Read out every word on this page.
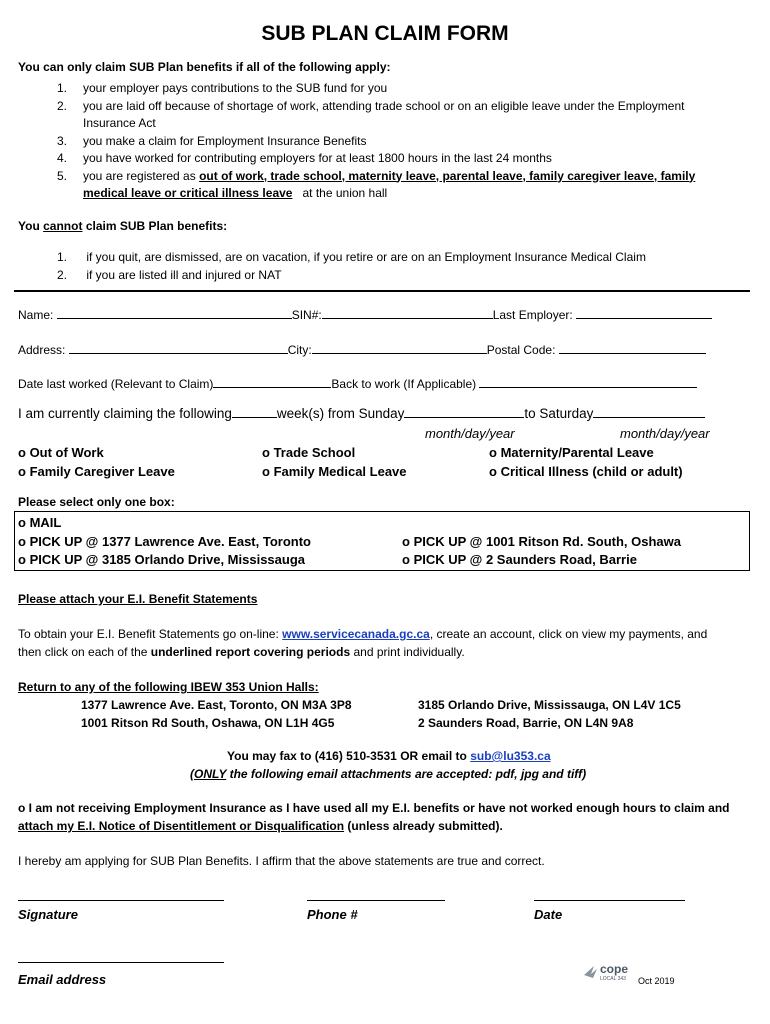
SUB PLAN CLAIM FORM
You can only claim SUB Plan benefits if all of the following apply:
1. your employer pays contributions to the SUB fund for you
2. you are laid off because of shortage of work, attending trade school or on an eligible leave under the Employment
Insurance Act
3. you make a claim for Employment Insurance Benefits
4. you have worked for contributing employers for at least 1800 hours in the last 24 months
5. you are registered as out of work, trade school, maternity leave, parental leave, family caregiver leave, family
medical leave or critical illness leave at the union hall
You cannot claim SUB Plan benefits:
1. if you quit, are dismissed, are on vacation, if you retire or are on an Employment Insurance Medical Claim
2. if you are listed ill and injured or NAT
Name:	SIN#:	Last Employer:
Address:	City:	Postal Code:
Date last worked (Relevant to Claim)	Back to work (If Applicable)
I am currently claiming the following	week(s) from Sunday	to Saturday
month/day/year	month/day/year
o Out of Work	o Trade School	o Maternity/Parental Leave
o Family Caregiver Leave	o Family Medical Leave	o Critical Illness (child or adult)
Please select only one box:
o MAIL
o PICK UP @ 1377 Lawrence Ave. East, Toronto	o PICK UP @ 1001 Ritson Rd. South, Oshawa
o PICK UP @ 3185 Orlando Drive, Mississauga	o PICK UP @ 2 Saunders Road, Barrie
Please attach your E.I. Benefit Statements
To obtain your E.I. Benefit Statements go on-line: www.servicecanada.gc.ca, create an account, click on view my payments, and
then click on each of the underlined report covering periods and print individually.
Return to any of the following IBEW 353 Union Halls:
1377 Lawrence Ave. East, Toronto, ON M3A 3P8	3185 Orlando Drive, Mississauga, ON L4V 1C5
1001 Ritson Rd South, Oshawa, ON L1H 4G5	2 Saunders Road, Barrie, ON L4N 9A8
You may fax to (416) 510-3531 OR email to sub@lu353.ca
(ONLY the following email attachments are accepted: pdf, jpg and tiff)
o I am not receiving Employment Insurance as I have used all my E.I. benefits or have not worked enough hours to claim and
attach my E.I. Notice of Disentitlement or Disqualification (unless already submitted).
I hereby am applying for SUB Plan Benefits. I affirm that the above statements are true and correct.
Signature	Phone #	Date
Email address
cope
LOCAL 343 Oct 2019
